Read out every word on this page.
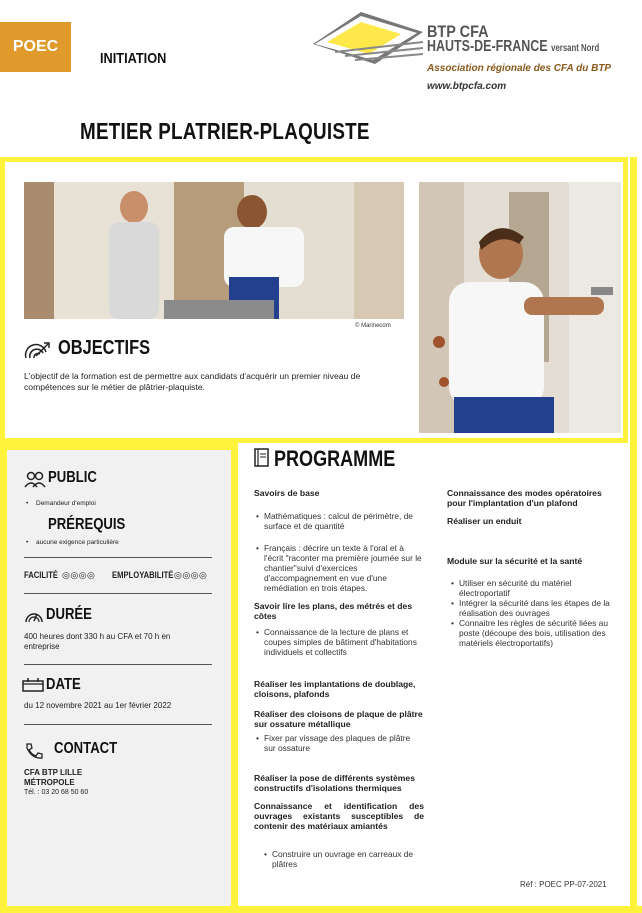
POEC
INITIATION
METIER PLATRIER-PLAQUISTE
BTP CFA
HAUTS-DE-FRANCE versant Nord
Association régionale des CFA du BTP
www.btpcfa.com
© Marinecom
OBJECTIFS
L'objectif de la formation est de permettre aux candidats d'acquérir un premier niveau de compétences sur le métier de plâtrier-plaquiste.
PUBLIC
• Demandeur d'emploi
PRÉREQUIS
• aucune exigence particulière
FACILITÉ ◎◎◎◎ EMPLOYABILITÉ ◎◎◎◎
DURÉE
400 heures dont 330 h au CFA et 70 h en entreprise
DATE
du 12 novembre 2021 au 1er février 2022
CONTACT
CFA BTP LILLE
MÉTROPOLE
Tél. : 03 20 68 50 60
PROGRAMME
Savoirs de base
• Mathématiques : calcul de périmètre, de surface et de quantité
• Français : décrire un texte à l'oral et à l'écrit "raconter ma première journée sur le chantier"suivi d'exercices d'accompagnement en vue d'une remédiation en trois étapes.
Savoir lire les plans, des métrés et des côtes
• Connaissance de la lecture de plans et coupes simples de bâtiment d'habitations individuels et collectifs
Réaliser les implantations de doublage, cloisons, plafonds
Réaliser des cloisons de plaque de plâtre sur ossature métallique
• Fixer par vissage des plaques de plâtre sur ossature
Réaliser la pose de différents systèmes constructifs d'isolations thermiques
Connaissance et identification des ouvrages existants susceptibles de contenir des matériaux amiantés
• Construire un ouvrage en carreaux de plâtres
Connaissance des modes opératoires pour l'implantation d'un plafond
Réaliser un enduit
Module sur la sécurité et la santé
• Utiliser en sécurité du matériel électroportatif
• Intégrer la sécurité dans les étapes de la réalisation des ouvrages
• Connaitre les règles de sécurité liées au poste (découpe des bois, utilisation des matériels électroportatifs)
Réf : POEC PP-07-2021
